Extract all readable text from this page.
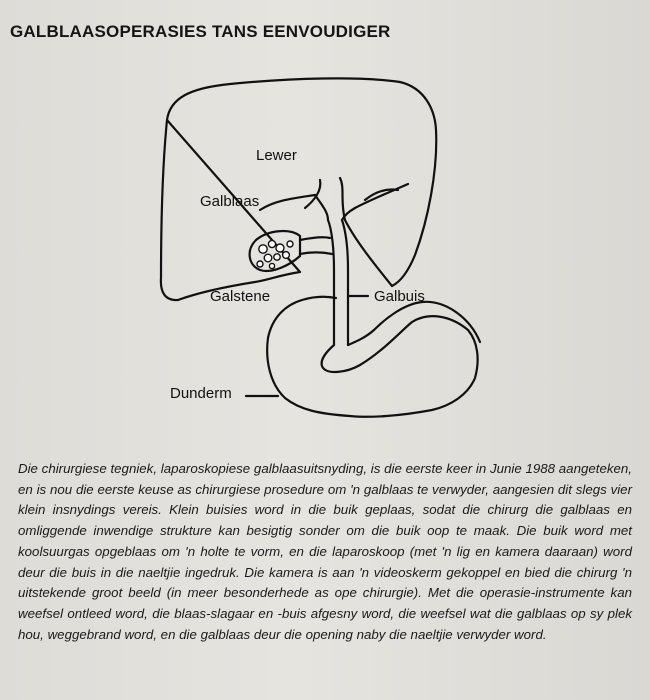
GALBLAASOPERASIES TANS EENVOUDIGER
Lewer
Galblaas
Galstene	Galbuis
Dunderm
Die chirurgiese tegniek, laparoskopiese galblaasuitsnyding, is die eerste keer in Junie 1988 aangeteken, en is nou die eerste keuse as chirurgiese prosedure om 'n galblaas te verwyder, aangesien dit slegs vier klein insnydings vereis. Klein buisies word in die buik geplaas, sodat die chirurg die galblaas en omliggende inwendige strukture kan besigtig sonder om die buik oop te maak. Die buik word met koolsuurgas opgeblaas om 'n holte te vorm, en die laparoskoop (met 'n lig en kamera daaraan) word deur die buis in die naeltjie ingedruk. Die kamera is aan 'n videoskerm gekoppel en bied die chirurg 'n uitstekende groot beeld (in meer besonderhede as ope chirurgie). Met die operasie-instrumente kan weefsel ontleed word, die blaas-slagaar en -buis afgesny word, die weefsel wat die galblaas op sy plek hou, weggebrand word, en die galblaas deur die opening naby die naeltjie verwyder word.
